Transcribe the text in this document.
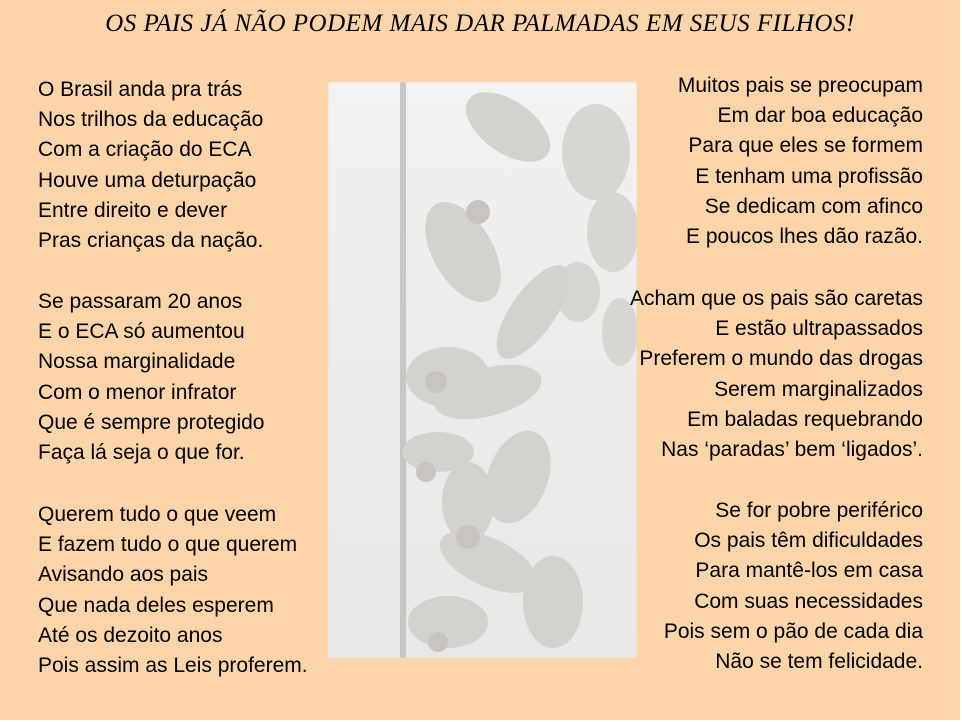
OS PAIS JÁ NÃO PODEM MAIS DAR PALMADAS EM SEUS FILHOS!
O Brasil anda pra trás
Nos trilhos da educação
Com a criação do ECA
Houve uma deturpação
Entre direito e dever
Pras crianças da nação.
Se passaram 20 anos
E o ECA só aumentou
Nossa marginalidade
Com o menor infrator
Que é sempre protegido
Faça lá seja o que for.
Querem tudo o que veem
E fazem tudo o que querem
Avisando aos pais
Que nada deles esperem
Até os dezoito anos
Pois assim as Leis proferem.
Muitos pais se preocupam
Em dar boa educação
Para que eles se formem
E tenham uma profissão
Se dedicam com afinco
E poucos lhes dão razão.
Acham que os pais são caretas
E estão ultrapassados
Preferem o mundo das drogas
Serem marginalizados
Em baladas requebrando
Nas ‘paradas’ bem ‘ligados’.
Se for pobre periférico
Os pais têm dificuldades
Para mantê-los em casa
Com suas necessidades
Pois sem o pão de cada dia
Não se tem felicidade.
